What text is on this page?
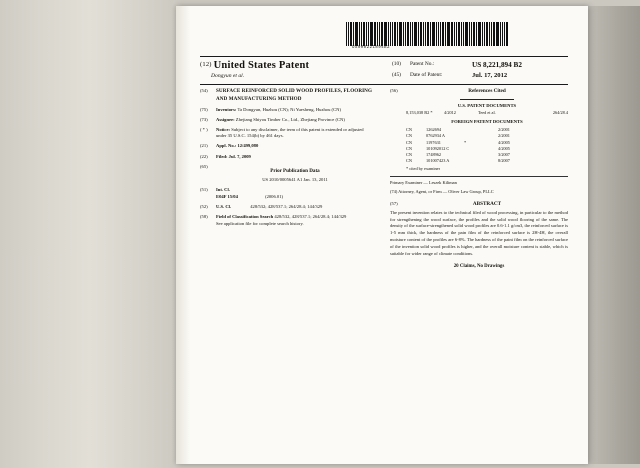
US008221894B2
(12) United States Patent
Dongyun et al.
(10)	Patent No.:	US 8,221,894 B2
(45)	Date of Patent:	Jul. 17, 2012
(54)	SURFACE REINFORCED SOLID WOOD PROFILES, FLOORING AND MANUFACTURING METHOD
(75)	Inventors: Ta Dongyun, Huzhou (CN); Ni Yuesheng, Huzhou (CN)
(73)	Assignee: Zhejiang Shiyou Timber Co., Ltd., Zhejiang Province (CN)
( * )	Notice: Subject to any disclaimer, the term of this patent is extended or adjusted under 35 U.S.C. 154(b) by 461 days.
(21)	Appl. No.: 12/499,080
(22)	Filed: Jul. 7, 2009
(65)
Prior Publication Data
US 2010/0005641 A1 Jan. 13, 2011
(51)	Int. Cl.
E04F 15/04	(2006.01)
(52)	U.S. Cl.	428/532; 428/537.1; 264/28.4; 144/329
(58)	Field of Classification Search 428/532, 428/537.1; 264/28.4; 144/329
See application file for complete search history.
(56)	References Cited
U.S. PATENT DOCUMENTS
8,153,038 B2 *	4/2012	Teed et al.	264/28.4
FOREIGN PATENT DOCUMENTS
CN	1262694	2/2001
CN	0762934 A	2/2001
CN	1197631	*	4/2005
CN	101092012 C	4/2005
CN	1748962	3/2007
CN	101007423 A	8/2007
* cited by examiner
Primary Examiner — Leszek Kiliman
(74) Attorney, Agent, or Firm — Oliver Law Group, PLLC
(57)	ABSTRACT
The present invention relates to the technical filed of wood processing, in particular to the method for strengthening the wood surface, the profiles and the solid wood flooring of the same. The density of the surface-strengthened solid wood profiles are 0.6-1.1 g/cm3, the reinforced surface is 1-5 mm thick, the hardness of the pain film of the reinforced surface is 2H-4H, the overall moisture content of the profiles are 6-8%. The hardness of the paint film on the reinforced surface of the invention solid wood profiles is higher, and the overall moisture content is stable, which is suitable for wider range of climate conditions.
20 Claims, No Drawings
